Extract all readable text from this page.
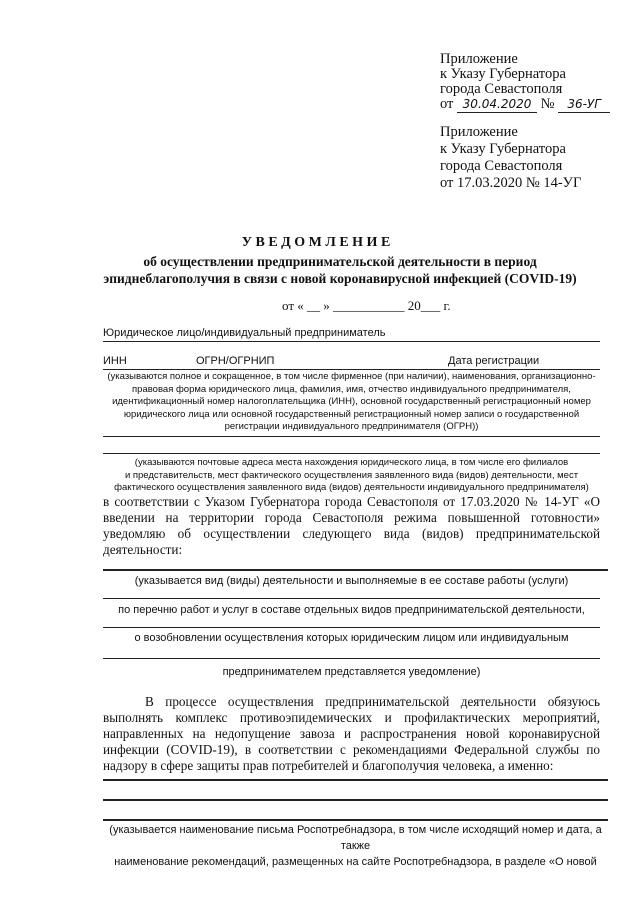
Приложение
к Указу Губернатора
города Севастополя
от 30.04.2020 № 36-УГ
Приложение
к Указу Губернатора
города Севастополя
от 17.03.2020 № 14-УГ
У В Е Д О М Л Е Н И Е
об осуществлении предпринимательской деятельности в период
эпиднеблагополучия в связи с новой коронавирусной инфекцией (COVID-19)
от « __ » ___________ 20___ г.
Юридическое лицо/индивидуальный предприниматель
ИНН	ОГРН/ОГРНИП	Дата регистрации
(указываются полное и сокращенное, в том числе фирменное (при наличии), наименования, организационно-
правовая форма юридического лица, фамилия, имя, отчество индивидуального предпринимателя,
идентификационный номер налогоплательщика (ИНН), основной государственный регистрационный номер
юридического лица или основной государственный регистрационный номер записи о государственной
регистрации индивидуального предпринимателя (ОГРН))
(указываются почтовые адреса места нахождения юридического лица, в том числе его филиалов
и представительств, мест фактического осуществления заявленного вида (видов) деятельности, мест
фактического осуществления заявленного вида (видов) деятельности индивидуального предпринимателя)
в соответствии с Указом Губернатора города Севастополя от 17.03.2020 № 14-УГ «О введении на территории города Севастополя режима повышенной готовности» уведомляю об осуществлении следующего вида (видов) предпринимательской деятельности:
(указывается вид (виды) деятельности и выполняемые в ее составе работы (услуги)
по перечню работ и услуг в составе отдельных видов предпринимательской деятельности,
о возобновлении осуществления которых юридическим лицом или индивидуальным
предпринимателем представляется уведомление)
В процессе осуществления предпринимательской деятельности обязуюсь выполнять комплекс противоэпидемических и профилактических мероприятий, направленных на недопущение завоза и распространения новой коронавирусной инфекции (COVID-19), в соответствии с рекомендациями Федеральной службы по надзору в сфере защиты прав потребителей и благополучия человека, а именно:
(указывается наименование письма Роспотребнадзора, в том числе исходящий номер и дата, а также
наименование рекомендаций, размещенных на сайте Роспотребнадзора, в разделе «О новой
